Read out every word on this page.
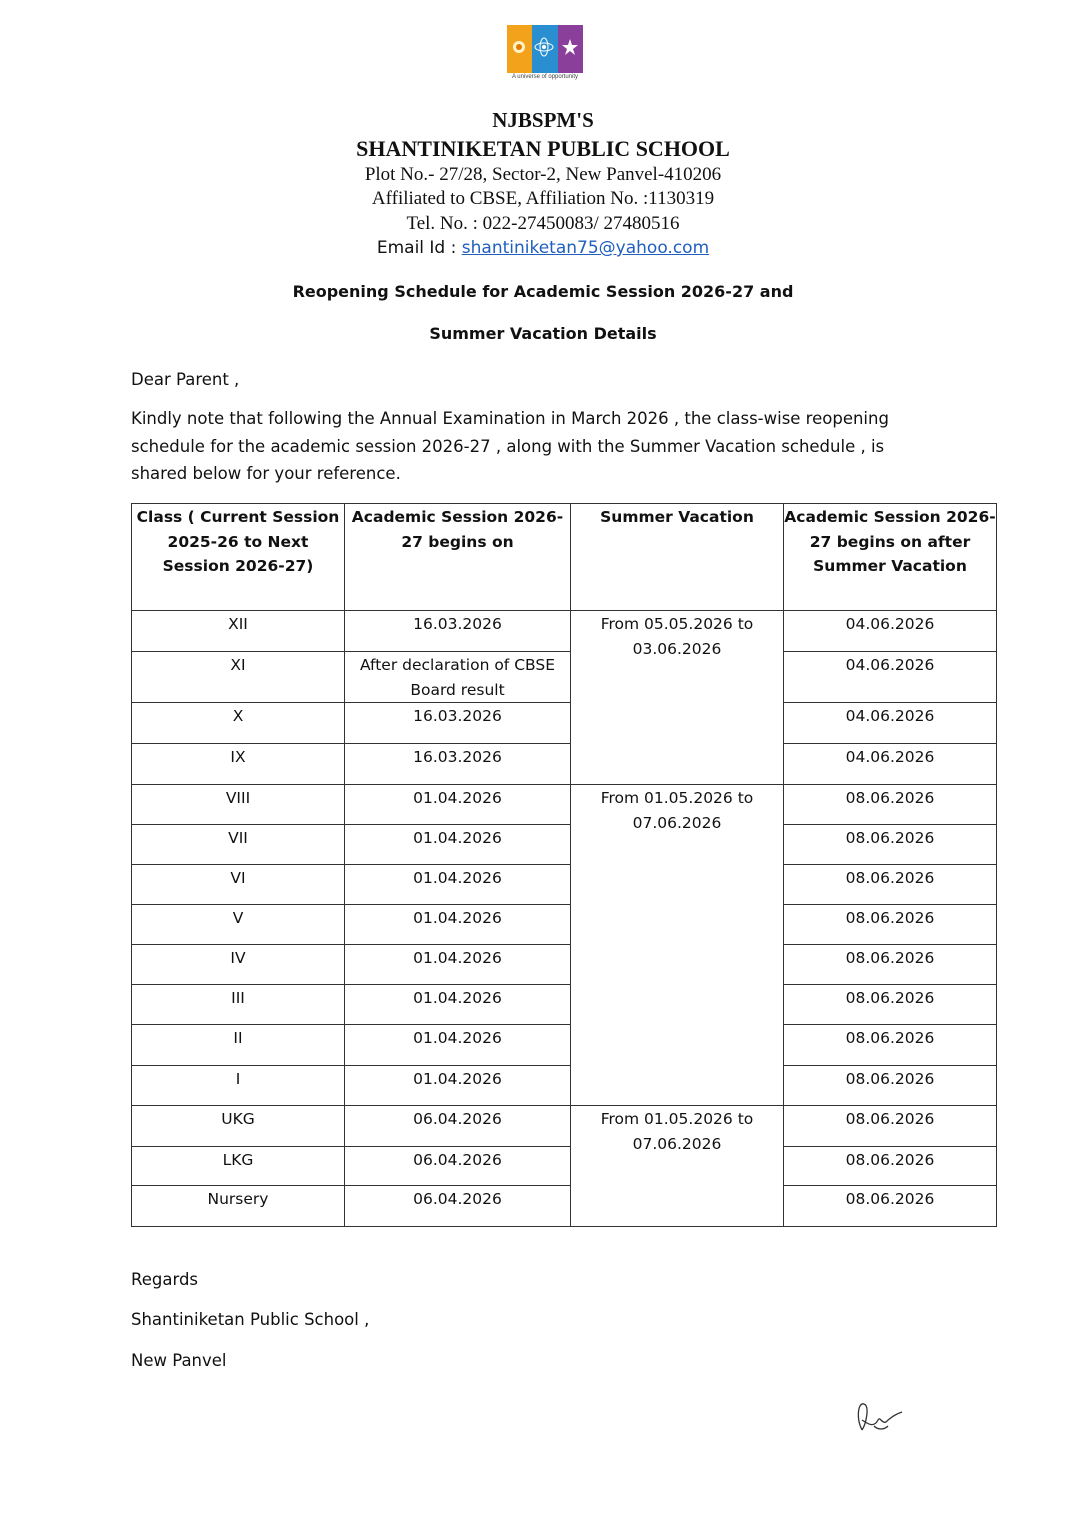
A universe of opportunity
NJBSPM'S
SHANTINIKETAN PUBLIC SCHOOL
Plot No.- 27/28, Sector-2, New Panvel-410206
Affiliated to CBSE, Affiliation No. :1130319
Tel. No. : 022-27450083/ 27480516
Email Id : shantiniketan75@yahoo.com
Reopening Schedule for Academic Session 2026-27 and
Summer Vacation Details
Dear Parent ,
Kindly note that following the Annual Examination in March 2026 , the class-wise reopening schedule for the academic session 2026-27 , along with the Summer Vacation schedule , is shared below for your reference.
Class ( Current Session 2025-26 to Next Session 2026-27)	Academic Session 2026-27 begins on	Summer Vacation	Academic Session 2026-27 begins on after Summer Vacation
XII	16.03.2026	From 05.05.2026 to 03.06.2026	04.06.2026
XI	After declaration of CBSE Board result		04.06.2026
X	16.03.2026		04.06.2026
IX	16.03.2026		04.06.2026
VIII	01.04.2026	From 01.05.2026 to 07.06.2026	08.06.2026
VII	01.04.2026		08.06.2026
VI	01.04.2026		08.06.2026
V	01.04.2026		08.06.2026
IV	01.04.2026		08.06.2026
III	01.04.2026		08.06.2026
II	01.04.2026		08.06.2026
I	01.04.2026		08.06.2026
UKG	06.04.2026	From 01.05.2026 to 07.06.2026	08.06.2026
LKG	06.04.2026		08.06.2026
Nursery	06.04.2026		08.06.2026
Regards
Shantiniketan Public School ,
New Panvel
